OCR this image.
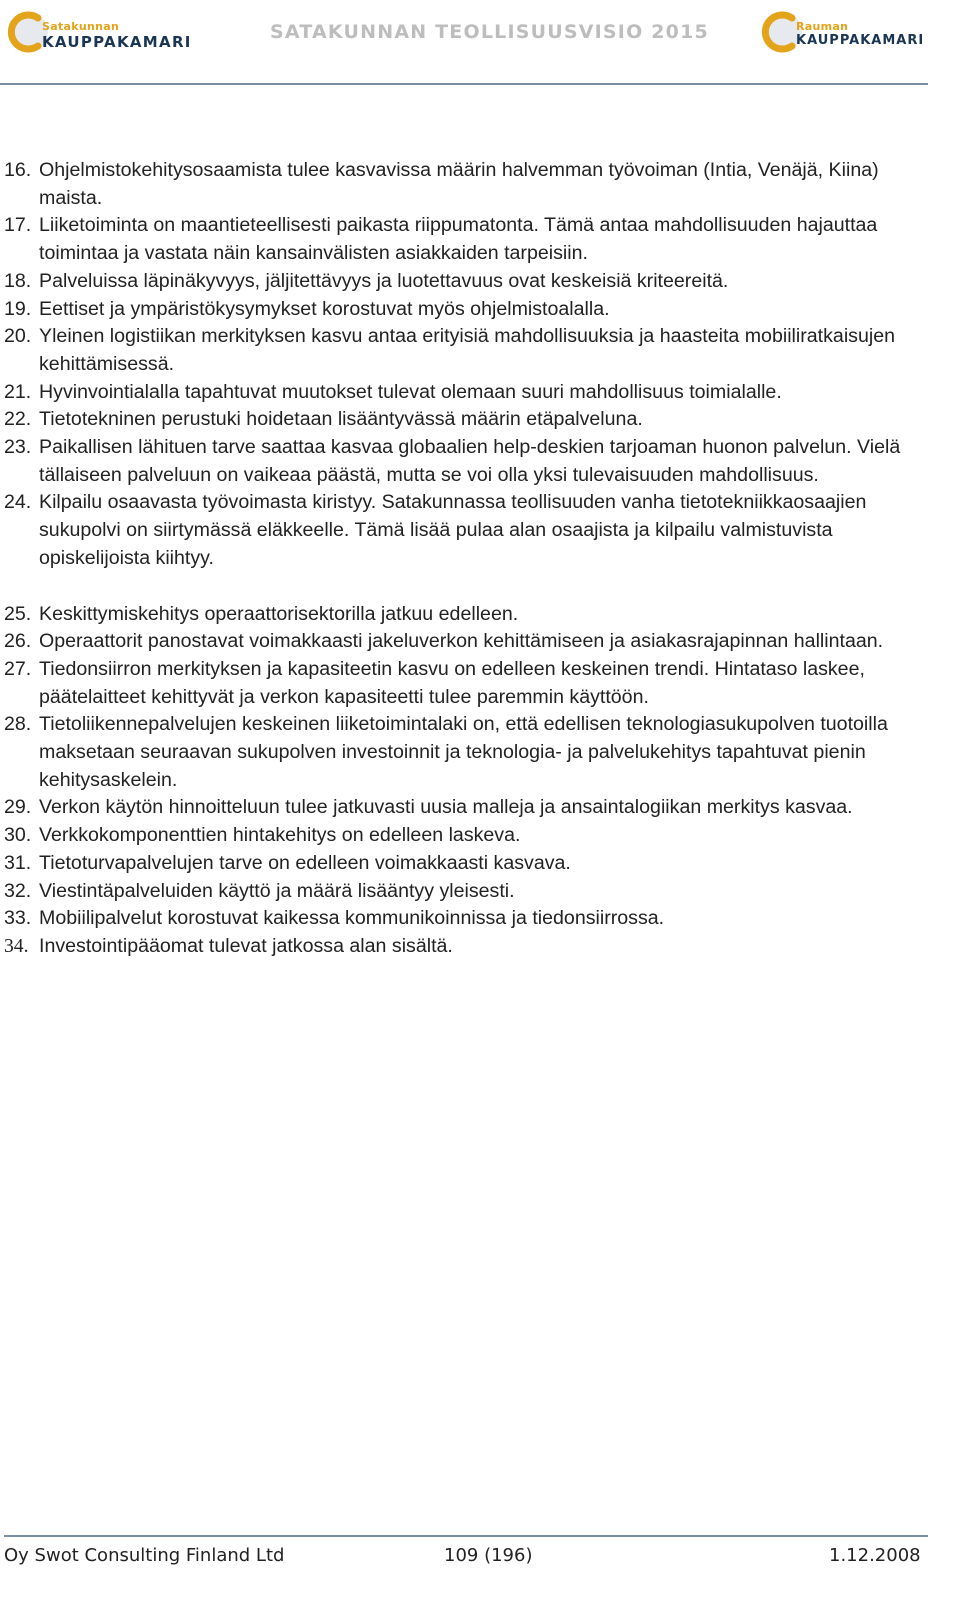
Satakunnan
KAUPPAKAMARI	SATAKUNNAN TEOLLISUUSVISIO 2015	Rauman
KAUPPAKAMARI
16. Ohjelmistokehitysosaamista tulee kasvavissa määrin halvemman työvoiman (Intia, Venäjä, Kiina) maista.
17. Liiketoiminta on maantieteellisesti paikasta riippumatonta. Tämä antaa mahdollisuuden hajauttaa toimintaa ja vastata näin kansainvälisten asiakkaiden tarpeisiin.
18. Palveluissa läpinäkyvyys, jäljitettävyys ja luotettavuus ovat keskeisiä kriteereitä.
19. Eettiset ja ympäristökysymykset korostuvat myös ohjelmistoalalla.
20. Yleinen logistiikan merkityksen kasvu antaa erityisiä mahdollisuuksia ja haasteita mobiiliratkaisujen kehittämisessä.
21. Hyvinvointialalla tapahtuvat muutokset tulevat olemaan suuri mahdollisuus toimialalle.
22. Tietotekninen perustuki hoidetaan lisääntyvässä määrin etäpalveluna.
23. Paikallisen lähituen tarve saattaa kasvaa globaalien help-deskien tarjoaman huonon palvelun. Vielä tällaiseen palveluun on vaikeaa päästä, mutta se voi olla yksi tulevaisuuden mahdollisuus.
24. Kilpailu osaavasta työvoimasta kiristyy. Satakunnassa teollisuuden vanha tietotekniikkaosaajien sukupolvi on siirtymässä eläkkeelle. Tämä lisää pulaa alan osaajista ja kilpailu valmistuvista opiskelijoista kiihtyy.
25. Keskittymiskehitys operaattorisektorilla jatkuu edelleen.
26. Operaattorit panostavat voimakkaasti jakeluverkon kehittämiseen ja asiakasrajapinnan hallintaan.
27. Tiedonsiirron merkityksen ja kapasiteetin kasvu on edelleen keskeinen trendi. Hintataso laskee, päätelaitteet kehittyvät ja verkon kapasiteetti tulee paremmin käyttöön.
28. Tietoliikennepalvelujen keskeinen liiketoimintalaki on, että edellisen teknologiasukupolven tuotoilla maksetaan seuraavan sukupolven investoinnit ja teknologia- ja palvelukehitys tapahtuvat pienin kehitysaskelein.
29. Verkon käytön hinnoitteluun tulee jatkuvasti uusia malleja ja ansaintalogiikan merkitys kasvaa.
30. Verkkokomponenttien hintakehitys on edelleen laskeva.
31. Tietoturvapalvelujen tarve on edelleen voimakkaasti kasvava.
32. Viestintäpalveluiden käyttö ja määrä lisääntyy yleisesti.
33. Mobiilipalvelut korostuvat kaikessa kommunikoinnissa ja tiedonsiirrossa.
34. Investointipääomat tulevat jatkossa alan sisältä.
Oy Swot Consulting Finland Ltd	109 (196)	1.12.2008
